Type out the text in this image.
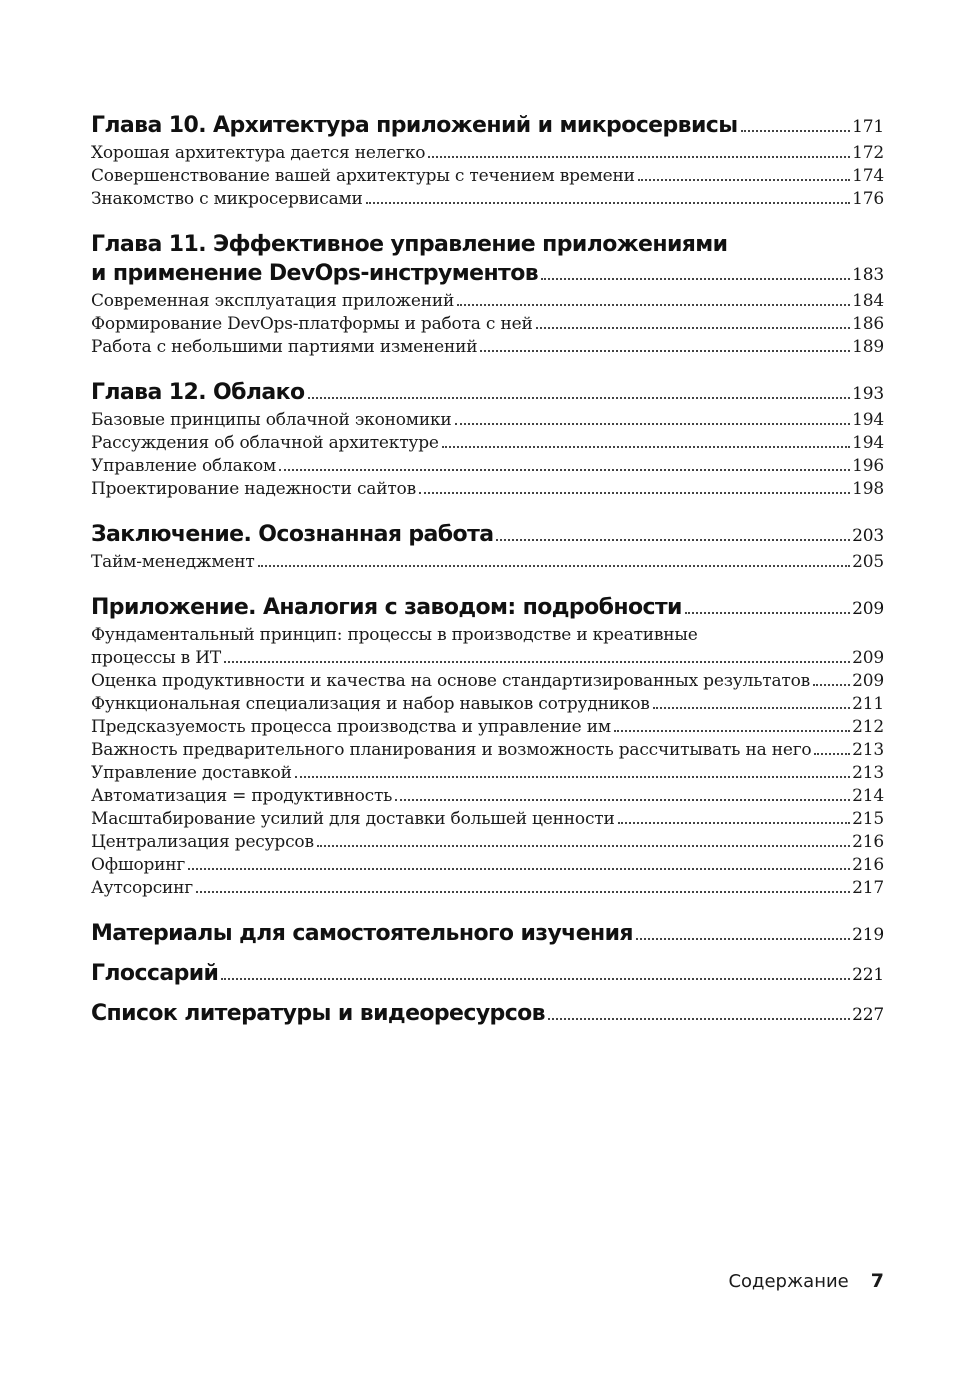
Глава 10. Архитектура приложений и микросервисы	171
Хорошая архитектура дается нелегко	172
Совершенствование вашей архитектуры с течением времени	174
Знакомство с микросервисами	176
Глава 11. Эффективное управление приложениями
и применение DevOps-инструментов	183
Современная эксплуатация приложений	184
Формирование DevOps-платформы и работа с ней	186
Работа с небольшими партиями изменений	189
Глава 12. Облако	193
Базовые принципы облачной экономики	194
Рассуждения об облачной архитектуре	194
Управление облаком	196
Проектирование надежности сайтов	198
Заключение. Осознанная работа	203
Тайм-менеджмент	205
Приложение. Аналогия с заводом: подробности	209
Фундаментальный принцип: процессы в производстве и креативные
процессы в ИТ	209
Оценка продуктивности и качества на основе стандартизированных результатов 209
Функциональная специализация и набор навыков сотрудников	211
Предсказуемость процесса производства и управление им	212
Важность предварительного планирования и возможность рассчитывать на него 213
Управление доставкой	213
Автоматизация = продуктивность	214
Масштабирование усилий для доставки большей ценности	215
Централизация ресурсов	216
Офшоринг	216
Аутсорсинг	217
Материалы для самостоятельного изучения	219
Глоссарий	221
Список литературы и видеоресурсов	227
Содержание 7
